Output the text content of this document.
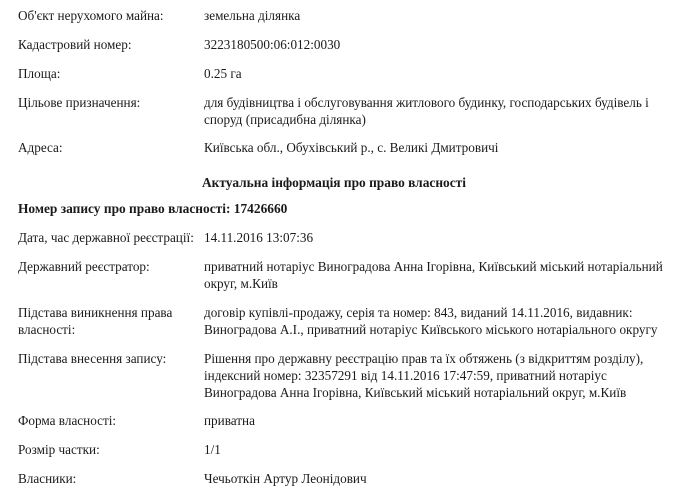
Об'єкт нерухомого майна:	земельна ділянка
Кадастровий номер:	3223180500:06:012:0030
Площа:	0.25 га
Цільове призначення:	для будівництва і обслуговування житлового будинку, господарських будівель і споруд (присадибна ділянка)
Адреса:	Київська обл., Обухівський р., с. Великі Дмитровичі
Актуальна інформація про право власності
Номер запису про право власності: 17426660
Дата, час державної реєстрації:	14.11.2016 13:07:36
Державний реєстратор:	приватний нотаріус Виноградова Анна Ігорівна, Київський міський нотаріальний округ, м.Київ
Підстава виникнення права власності:	договір купівлі-продажу, серія та номер: 843, виданий 14.11.2016, видавник: Виноградова А.І., приватний нотаріус Київського міського нотаріального округу
Підстава внесення запису:	Рішення про державну реєстрацію прав та їх обтяжень (з відкриттям розділу), індексний номер: 32357291 від 14.11.2016 17:47:59, приватний нотаріус Виноградова Анна Ігорівна, Київський міський нотаріальний округ, м.Київ
Форма власності:	приватна
Розмір частки:	1/1
Власники:	Чечьоткін Артур Леонідович
